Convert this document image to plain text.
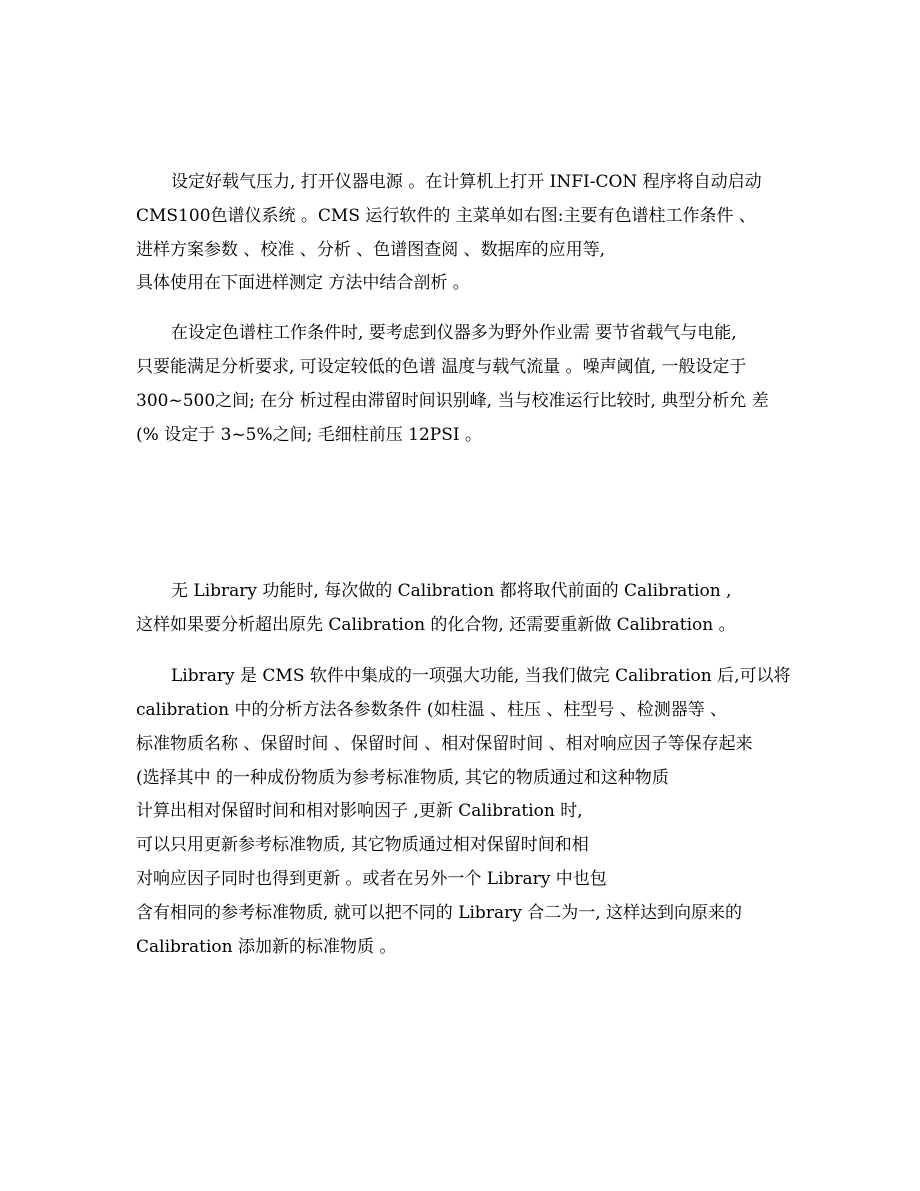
设定好载气压力, 打开仪器电源 。在计算机上打开 INFI-CON 程序将自动启动
CMS100色谱仪系统 。CMS 运行软件的 主菜单如右图:主要有色谱柱工作条件 、
进样方案参数 、校准 、分析 、色谱图查阅 、数据库的应用等,
具体使用在下面进样测定 方法中结合剖析 。
在设定色谱柱工作条件时, 要考虑到仪器多为野外作业需 要节省载气与电能,
只要能满足分析要求, 可设定较低的色谱 温度与载气流量 。噪声阈值, 一般设定于
300~500之间; 在分 析过程由滞留时间识别峰, 当与校准运行比较时, 典型分析允 差
(% 设定于 3~5%之间; 毛细柱前压 12PSI 。
无 Library 功能时, 每次做的 Calibration 都将取代前面的 Calibration ,
这样如果要分析超出原先 Calibration 的化合物, 还需要重新做 Calibration 。
Library 是 CMS 软件中集成的一项强大功能, 当我们做完 Calibration 后,可以将
calibration 中的分析方法各参数条件 (如柱温 、柱压 、柱型号 、检测器等 、
标准物质名称 、保留时间 、保留时间 、相对保留时间 、相对响应因子等保存起来
(选择其中 的一种成份物质为参考标准物质, 其它的物质通过和这种物质
计算出相对保留时间和相对影响因子 ,更新 Calibration 时,
可以只用更新参考标准物质, 其它物质通过相对保留时间和相
对响应因子同时也得到更新 。或者在另外一个 Library 中也包
含有相同的参考标准物质, 就可以把不同的 Library 合二为一, 这样达到向原来的
Calibration 添加新的标准物质 。
